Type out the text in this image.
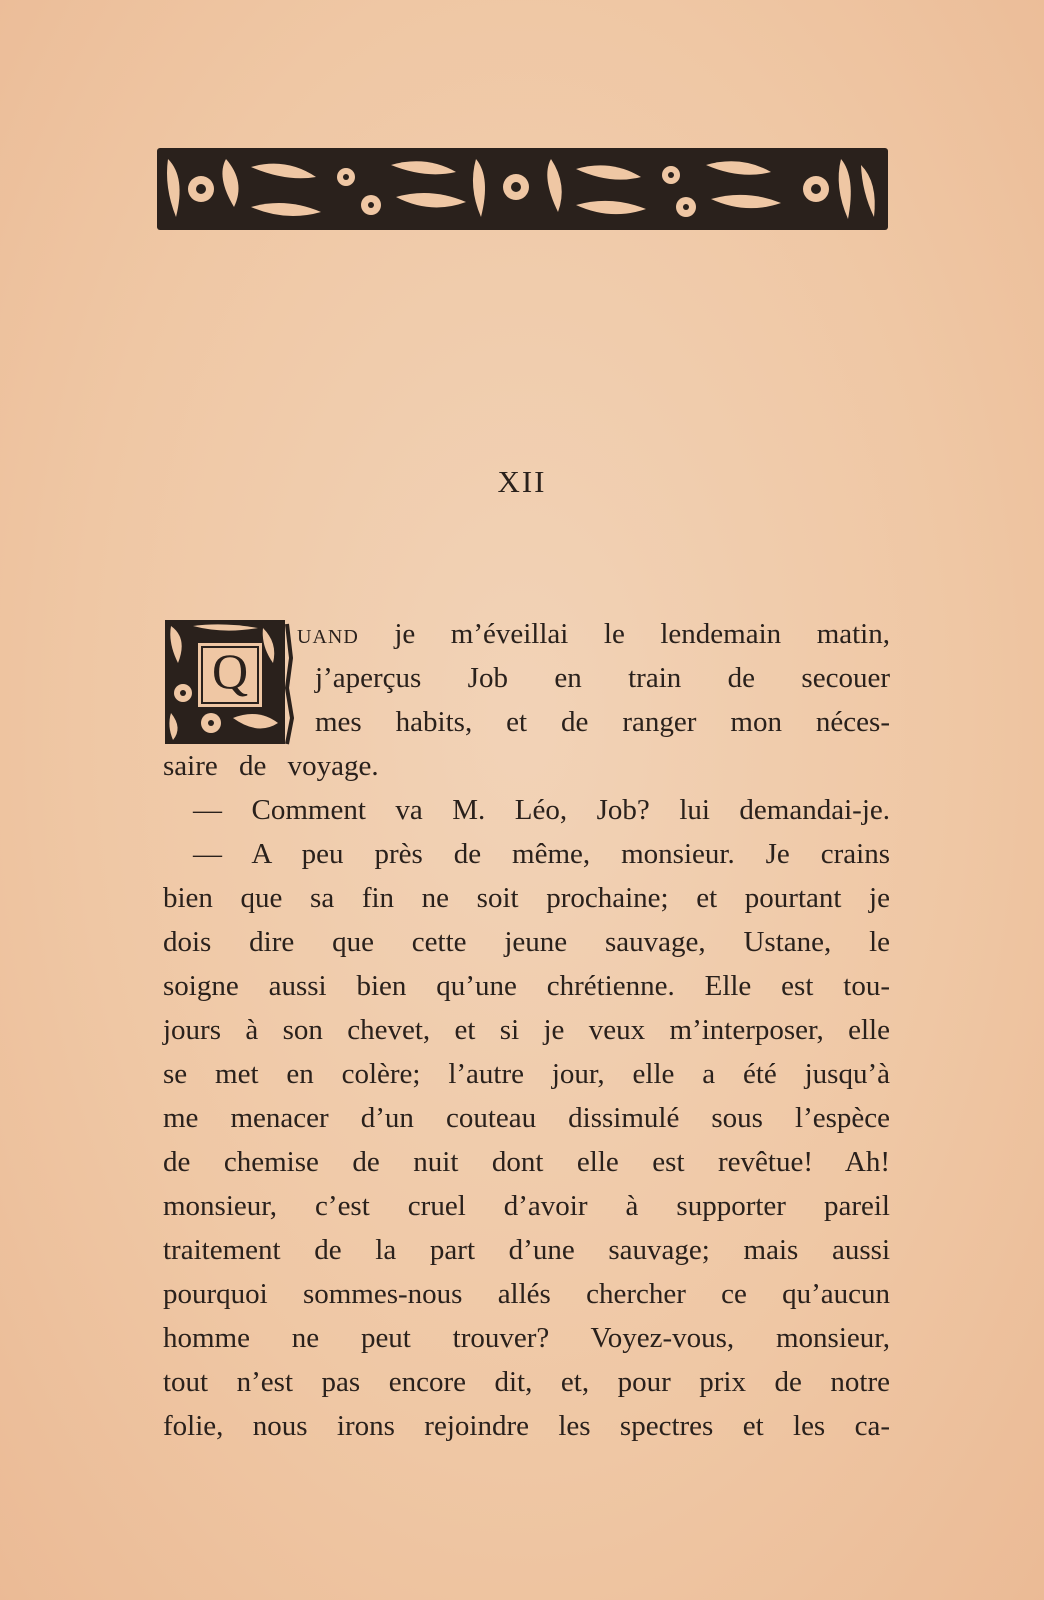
XII
Q
uand je m’éveillai le lendemain matin,
j’aperçus Job en train de secouer
mes habits, et de ranger mon néces-
saire de voyage.
— Comment va M. Léo, Job? lui demandai-je.
— A peu près de même, monsieur. Je crains
bien que sa fin ne soit prochaine; et pourtant je
dois dire que cette jeune sauvage, Ustane, le
soigne aussi bien qu’une chrétienne. Elle est tou-
jours à son chevet, et si je veux m’interposer, elle
se met en colère; l’autre jour, elle a été jusqu’à
me menacer d’un couteau dissimulé sous l’espèce
de chemise de nuit dont elle est revêtue! Ah!
monsieur, c’est cruel d’avoir à supporter pareil
traitement de la part d’une sauvage; mais aussi
pourquoi sommes-nous allés chercher ce qu’aucun
homme ne peut trouver? Voyez-vous, monsieur,
tout n’est pas encore dit, et, pour prix de notre
folie, nous irons rejoindre les spectres et les ca-
